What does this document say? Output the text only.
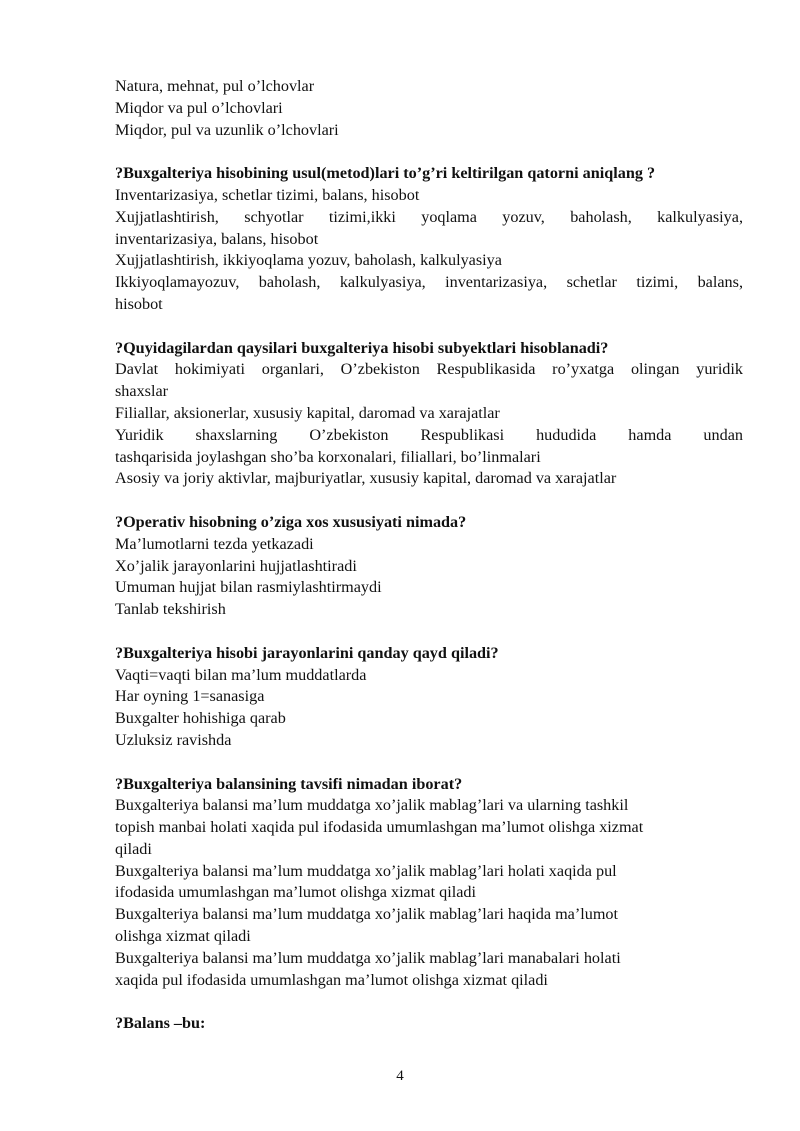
Natura, mehnat, pul o’lchovlar
Miqdor va pul o’lchovlari
Miqdor, pul va uzunlik o’lchovlari
?Buxgalteriya hisobining usul(metod)lari to’g’ri keltirilgan qatorni aniqlang ?
Inventarizasiya, schetlar tizimi, balans, hisobot
Xujjatlashtirish, schyotlar tizimi,ikki yoqlama yozuv, baholash, kalkulyasiya,
inventarizasiya, balans, hisobot
Xujjatlashtirish, ikkiyoqlama yozuv, baholash, kalkulyasiya
Ikkiyoqlamayozuv, baholash, kalkulyasiya, inventarizasiya, schetlar tizimi, balans,
hisobot
?Quyidagilardan qaysilari buxgalteriya hisobi subyektlari hisoblanadi?
Davlat hokimiyati organlari, O’zbekiston Respublikasida ro’yxatga olingan yuridik
shaxslar
Filiallar, aksionerlar, xususiy kapital, daromad va xarajatlar
Yuridik shaxslarning O’zbekiston Respublikasi hududida hamda undan
tashqarisida joylashgan sho’ba korxonalari, filiallari, bo’linmalari
Asosiy va joriy aktivlar, majburiyatlar, xususiy kapital, daromad va xarajatlar
?Operativ hisobning o’ziga xos xususiyati nimada?
Ma’lumotlarni tezda yetkazadi
Xo’jalik jarayonlarini hujjatlashtiradi
Umuman hujjat bilan rasmiylashtirmaydi
Tanlab tekshirish
?Buxgalteriya hisobi jarayonlarini qanday qayd qiladi?
Vaqti=vaqti bilan ma’lum muddatlarda
Har oyning 1=sanasiga
Buxgalter hohishiga qarab
Uzluksiz ravishda
?Buxgalteriya balansining tavsifi nimadan iborat?
Buxgalteriya balansi ma’lum muddatga xo’jalik mablag’lari va ularning tashkil
topish manbai holati xaqida pul ifodasida umumlashgan ma’lumot olishga xizmat
qiladi
Buxgalteriya balansi ma’lum muddatga xo’jalik mablag’lari holati xaqida pul
ifodasida umumlashgan ma’lumot olishga xizmat qiladi
Buxgalteriya balansi ma’lum muddatga xo’jalik mablag’lari haqida ma’lumot
olishga xizmat qiladi
Buxgalteriya balansi ma’lum muddatga xo’jalik mablag’lari manabalari holati
xaqida pul ifodasida umumlashgan ma’lumot olishga xizmat qiladi
?Balans –bu:
4
